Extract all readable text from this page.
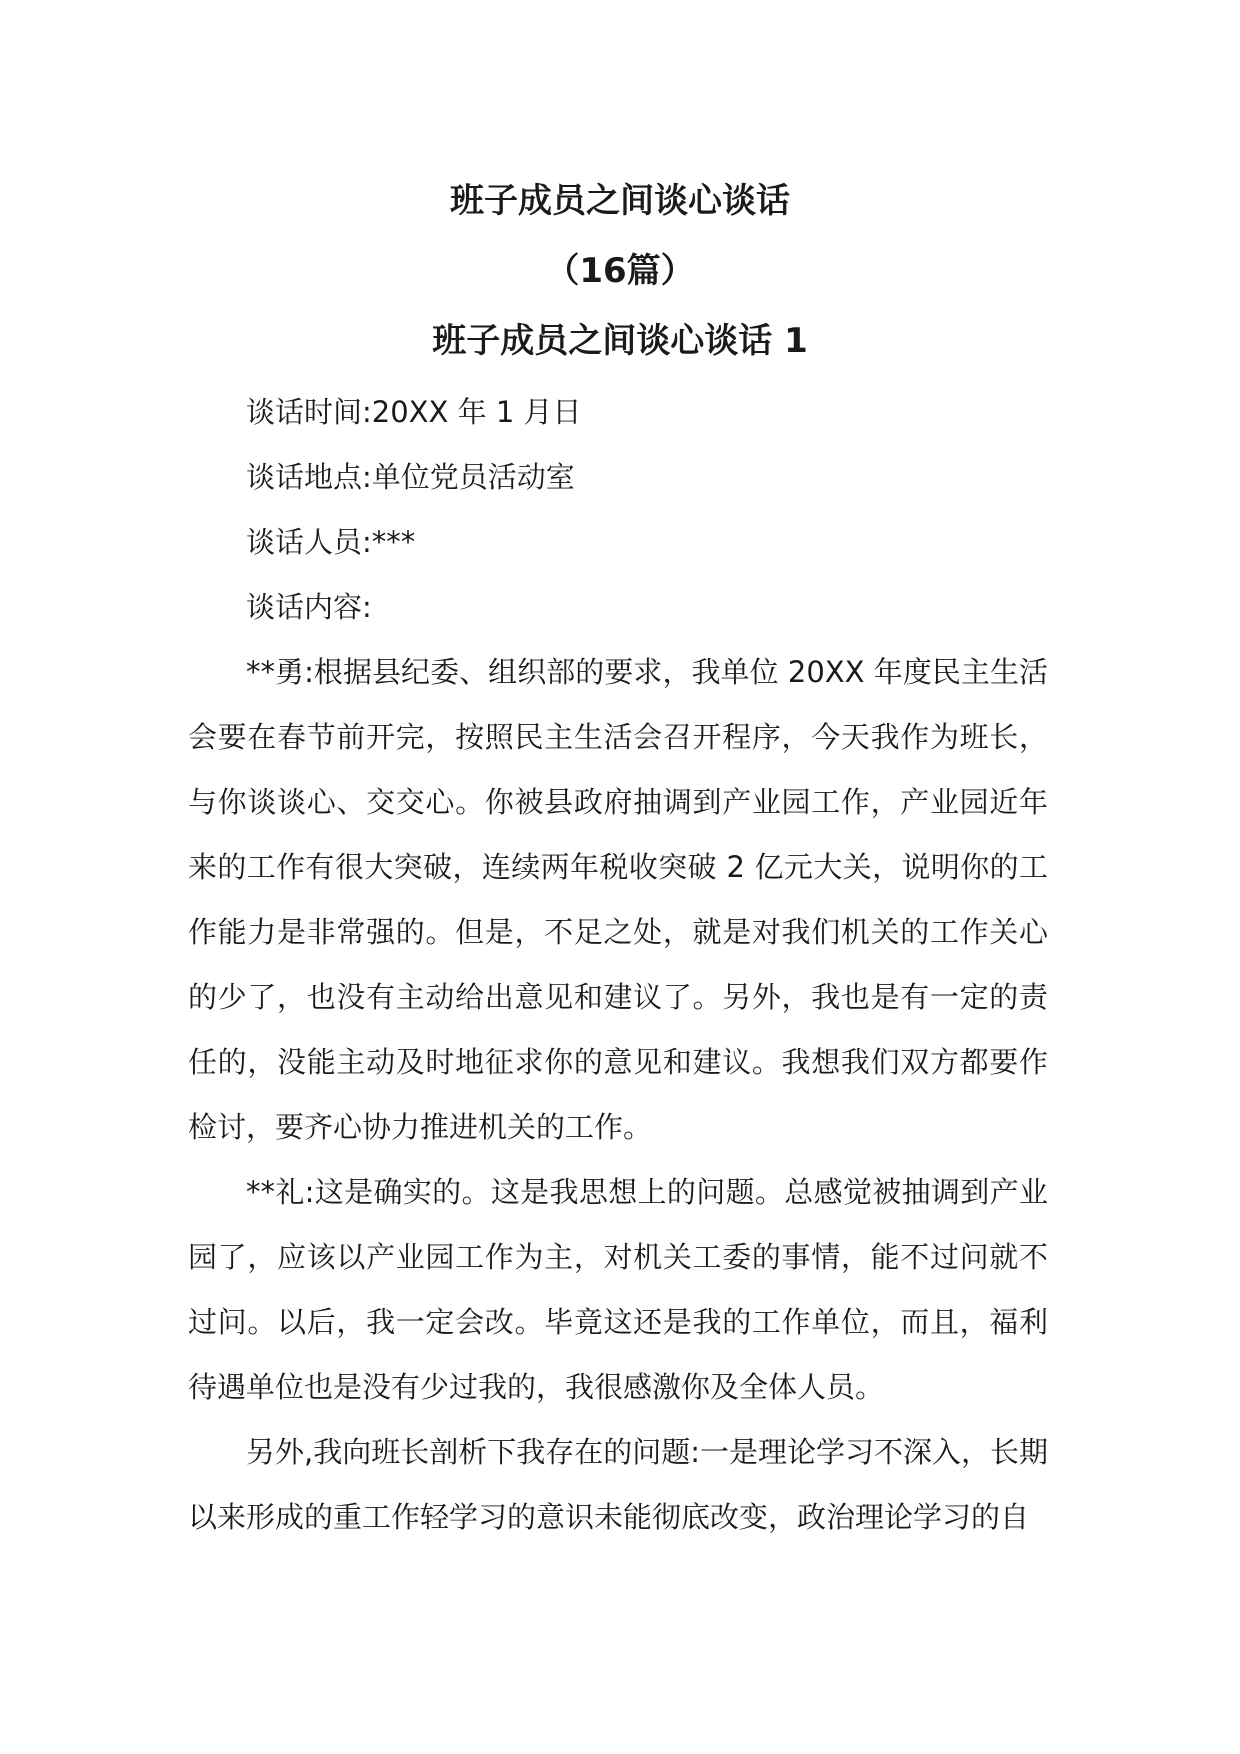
班子成员之间谈心谈话
（16篇）
班子成员之间谈心谈话 1

谈话时间:20XX 年 1 月日

谈话地点:单位党员活动室

谈话人员:***

谈话内容:

**勇:根据县纪委、组织部的要求，我单位 20XX 年度民主生活会要在春节前开完，按照民主生活会召开程序，今天我作为班长，与你谈谈心、交交心。你被县政府抽调到产业园工作，产业园近年来的工作有很大突破，连续两年税收突破 2 亿元大关，说明你的工作能力是非常强的。但是，不足之处，就是对我们机关的工作关心的少了，也没有主动给出意见和建议了。另外，我也是有一定的责任的，没能主动及时地征求你的意见和建议。我想我们双方都要作检讨，要齐心协力推进机关的工作。

**礼:这是确实的。这是我思想上的问题。总感觉被抽调到产业园了，应该以产业园工作为主，对机关工委的事情，能不过问就不过问。以后，我一定会改。毕竟这还是我的工作单位，而且，福利待遇单位也是没有少过我的，我很感激你及全体人员。

另外,我向班长剖析下我存在的问题:一是理论学习不深入，长期以来形成的重工作轻学习的意识未能彻底改变，政治理论学习的自
